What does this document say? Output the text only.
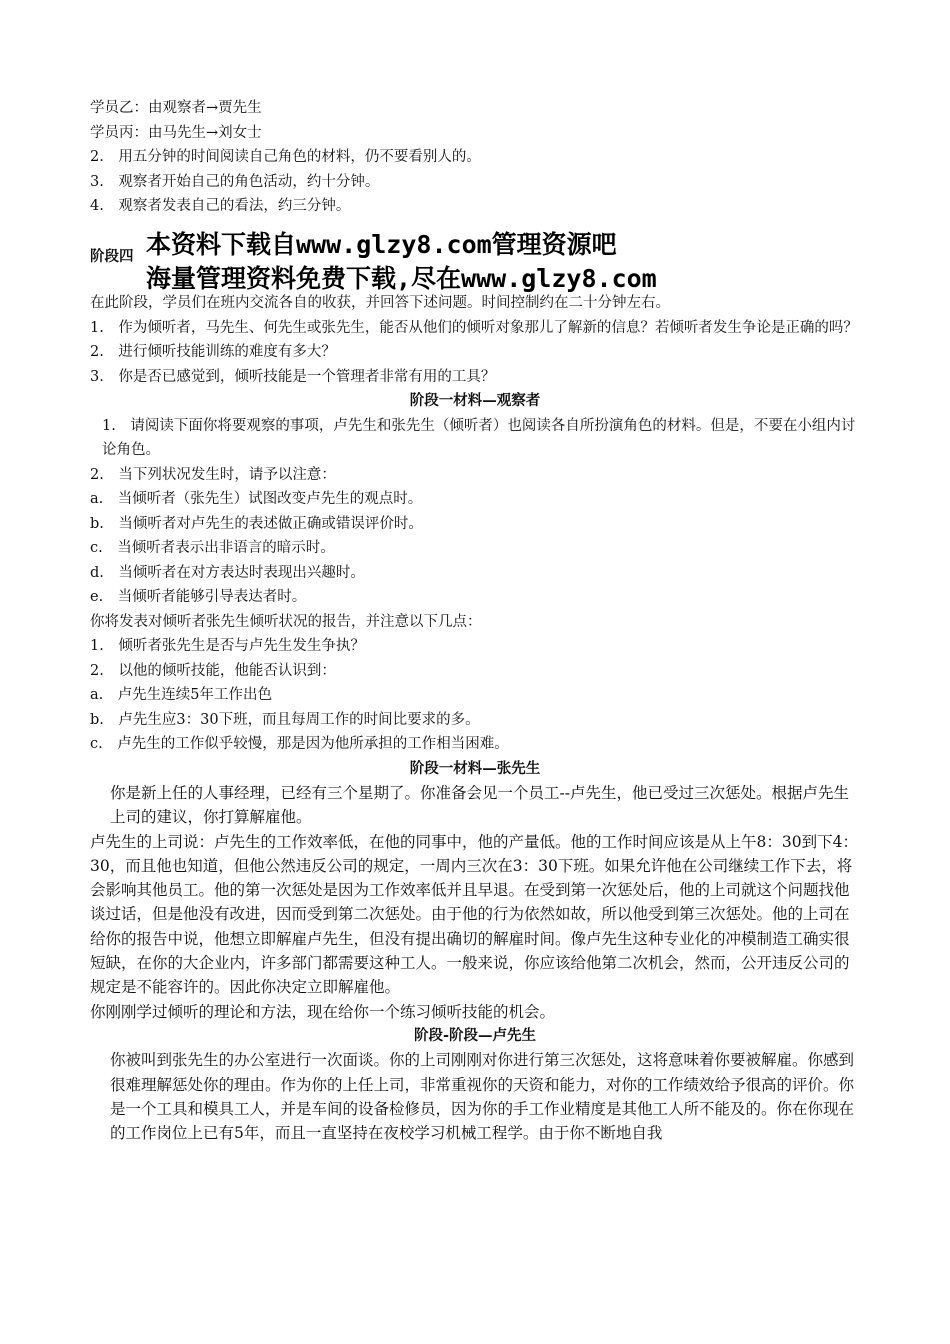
学员乙：由观察者→贾先生
学员丙：由马先生→刘女士
2.　用五分钟的时间阅读自己角色的材料，仍不要看别人的。
3.　观察者开始自己的角色活动，约十分钟。
4.　观察者发表自己的看法，约三分钟。
阶段四
在此阶段，学员们在班内交流各自的收获，并回答下述问题。时间控制约在二十分钟左右。
1.　作为倾听者，马先生、何先生或张先生，能否从他们的倾听对象那儿了解新的信息？若倾听者发生争论是正确的吗？
2.　进行倾听技能训练的难度有多大？
3.　你是否已感觉到，倾听技能是一个管理者非常有用的工具？
阶段一材料—观察者
1.　请阅读下面你将要观察的事项，卢先生和张先生（倾听者）也阅读各自所扮演角色的材料。但是，不要在小组内讨论角色。
2.　当下列状况发生时，请予以注意：
a.　当倾听者（张先生）试图改变卢先生的观点时。
b.　当倾听者对卢先生的表述做正确或错误评价时。
c.　当倾听者表示出非语言的暗示时。
d.　当倾听者在对方表达时表现出兴趣时。
e.　当倾听者能够引导表达者时。
你将发表对倾听者张先生倾听状况的报告，并注意以下几点：
1.　倾听者张先生是否与卢先生发生争执？
2.　以他的倾听技能，他能否认识到：
a.　卢先生连续5年工作出色
b.　卢先生应3：30下班，而且每周工作的时间比要求的多。
c.　卢先生的工作似乎较慢，那是因为他所承担的工作相当困难。
阶段一材料—张先生
你是新上任的人事经理，已经有三个星期了。你准备会见一个员工--卢先生，他已受过三次惩处。根据卢先生上司的建议，你打算解雇他。
卢先生的上司说：卢先生的工作效率低，在他的同事中，他的产量低。他的工作时间应该是从上午8：30到下4：30，而且他也知道，但他公然违反公司的规定，一周内三次在3：30下班。如果允许他在公司继续工作下去，将会影响其他员工。他的第一次惩处是因为工作效率低并且早退。在受到第一次惩处后，他的上司就这个问题找他谈过话，但是他没有改进，因而受到第二次惩处。由于他的行为依然如故，所以他受到第三次惩处。他的上司在给你的报告中说，他想立即解雇卢先生，但没有提出确切的解雇时间。像卢先生这种专业化的冲模制造工确实很短缺，在你的大企业内，许多部门都需要这种工人。一般来说，你应该给他第二次机会，然而，公开违反公司的规定是不能容许的。因此你决定立即解雇他。
你刚刚学过倾听的理论和方法，现在给你一个练习倾听技能的机会。
阶段-阶段—卢先生
你被叫到张先生的办公室进行一次面谈。你的上司刚刚对你进行第三次惩处，这将意味着你要被解雇。你感到很难理解惩处你的理由。作为你的上任上司，非常重视你的天资和能力，对你的工作绩效给予很高的评价。你是一个工具和模具工人，并是车间的设备检修员，因为你的手工作业精度是其他工人所不能及的。你在你现在的工作岗位上已有5年，而且一直坚持在夜校学习机械工程学。由于你不断地自我
本资料下载自www.glzy8.com管理资源吧
海量管理资料免费下载,尽在www.glzy8.com
